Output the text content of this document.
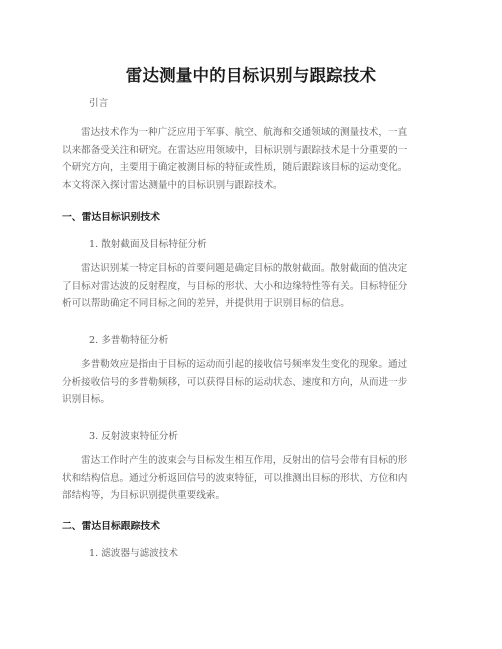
雷达测量中的目标识别与跟踪技术
引言

雷达技术作为一种广泛应用于军事、航空、航海和交通领域的测量技术，一直
以来都备受关注和研究。在雷达应用领域中，目标识别与跟踪技术是十分重要的一
个研究方向，主要用于确定被测目标的特征或性质，随后跟踪该目标的运动变化。
本文将深入探讨雷达测量中的目标识别与跟踪技术。

一、雷达目标识别技术
1. 散射截面及目标特征分析

雷达识别某一特定目标的首要问题是确定目标的散射截面。散射截面的值决定
了目标对雷达波的反射程度，与目标的形状、大小和边缘特性等有关。目标特征分
析可以帮助确定不同目标之间的差异，并提供用于识别目标的信息。

2. 多普勒特征分析

多普勒效应是指由于目标的运动而引起的接收信号频率发生变化的现象。通过
分析接收信号的多普勒频移，可以获得目标的运动状态、速度和方向，从而进一步
识别目标。

3. 反射波束特征分析

雷达工作时产生的波束会与目标发生相互作用，反射出的信号会带有目标的形
状和结构信息。通过分析返回信号的波束特征，可以推测出目标的形状、方位和内
部结构等，为目标识别提供重要线索。

二、雷达目标跟踪技术
1. 滤波器与滤波技术
